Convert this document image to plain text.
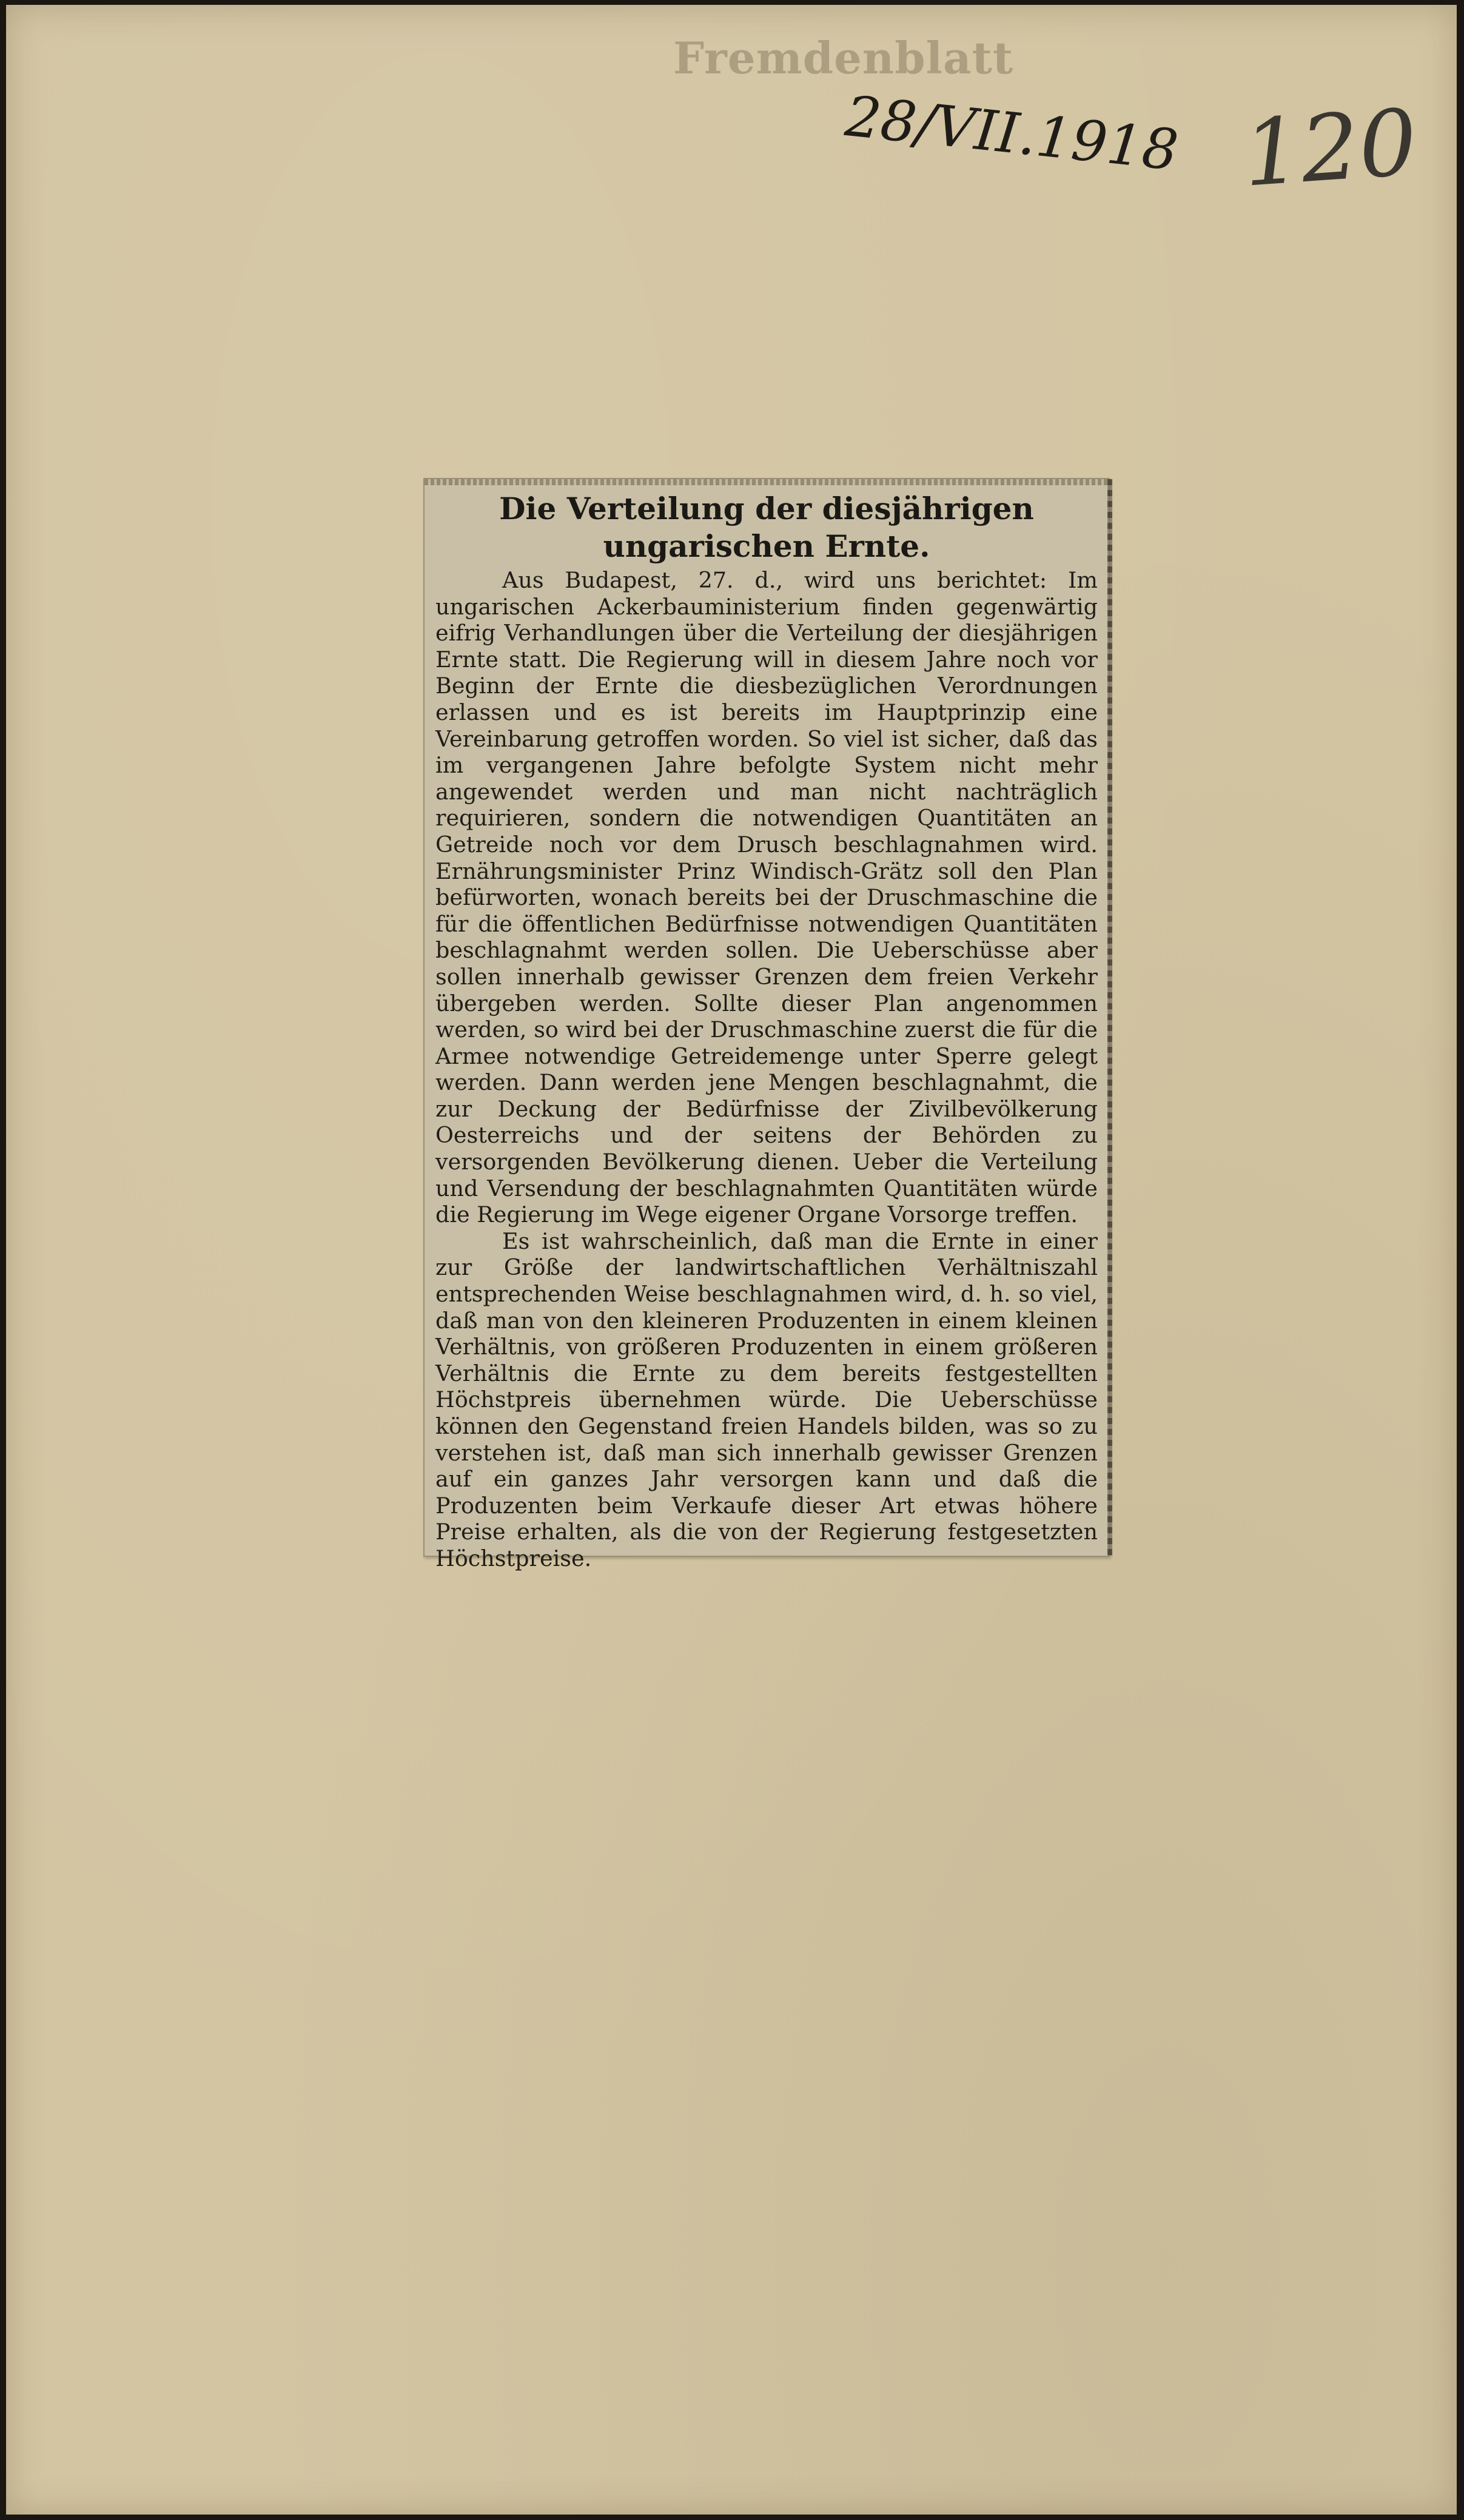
Fremdenblatt
28/VII.1918 120
Die Verteilung der diesjährigen ungarischen Ernte.

Aus Budapest, 27. d., wird uns berichtet: Im ungarischen Ackerbauministerium finden gegenwärtig eifrig Verhandlungen über die Verteilung der diesjährigen Ernte statt. Die Regierung will in diesem Jahre noch vor Beginn der Ernte die diesbezüglichen Verordnungen erlassen und es ist bereits im Hauptprinzip eine Vereinbarung getroffen worden. So viel ist sicher, daß das im vergangenen Jahre befolgte System nicht mehr angewendet werden und man nicht nachträglich requirieren, sondern die notwendigen Quantitäten an Getreide noch vor dem Drusch beschlagnahmen wird. Ernährungsminister Prinz Windisch-Grätz soll den Plan befürworten, wonach bereits bei der Druschmaschine die für die öffentlichen Bedürfnisse notwendigen Quantitäten beschlagnahmt werden sollen. Die Ueberschüsse aber sollen innerhalb gewisser Grenzen dem freien Verkehr übergeben werden. Sollte dieser Plan angenommen werden, so wird bei der Druschmaschine zuerst die für die Armee notwendige Getreidemenge unter Sperre gelegt werden. Dann werden jene Mengen beschlagnahmt, die zur Deckung der Bedürfnisse der Zivilbevölkerung Oesterreichs und der seitens der Behörden zu versorgenden Bevölkerung dienen. Ueber die Verteilung und Versendung der beschlagnahmten Quantitäten würde die Regierung im Wege eigener Organe Vorsorge treffen.

Es ist wahrscheinlich, daß man die Ernte in einer zur Größe der landwirtschaftlichen Verhältniszahl entsprechenden Weise beschlagnahmen wird, d. h. so viel, daß man von den kleineren Produzenten in einem kleinen Verhältnis, von größeren Produzenten in einem größeren Verhältnis die Ernte zu dem bereits festgestellten Höchstpreis übernehmen würde. Die Ueberschüsse können den Gegenstand freien Handels bilden, was so zu verstehen ist, daß man sich innerhalb gewisser Grenzen auf ein ganzes Jahr versorgen kann und daß die Produzenten beim Verkaufe dieser Art etwas höhere Preise erhalten, als die von der Regierung festgesetzten Höchstpreise.
